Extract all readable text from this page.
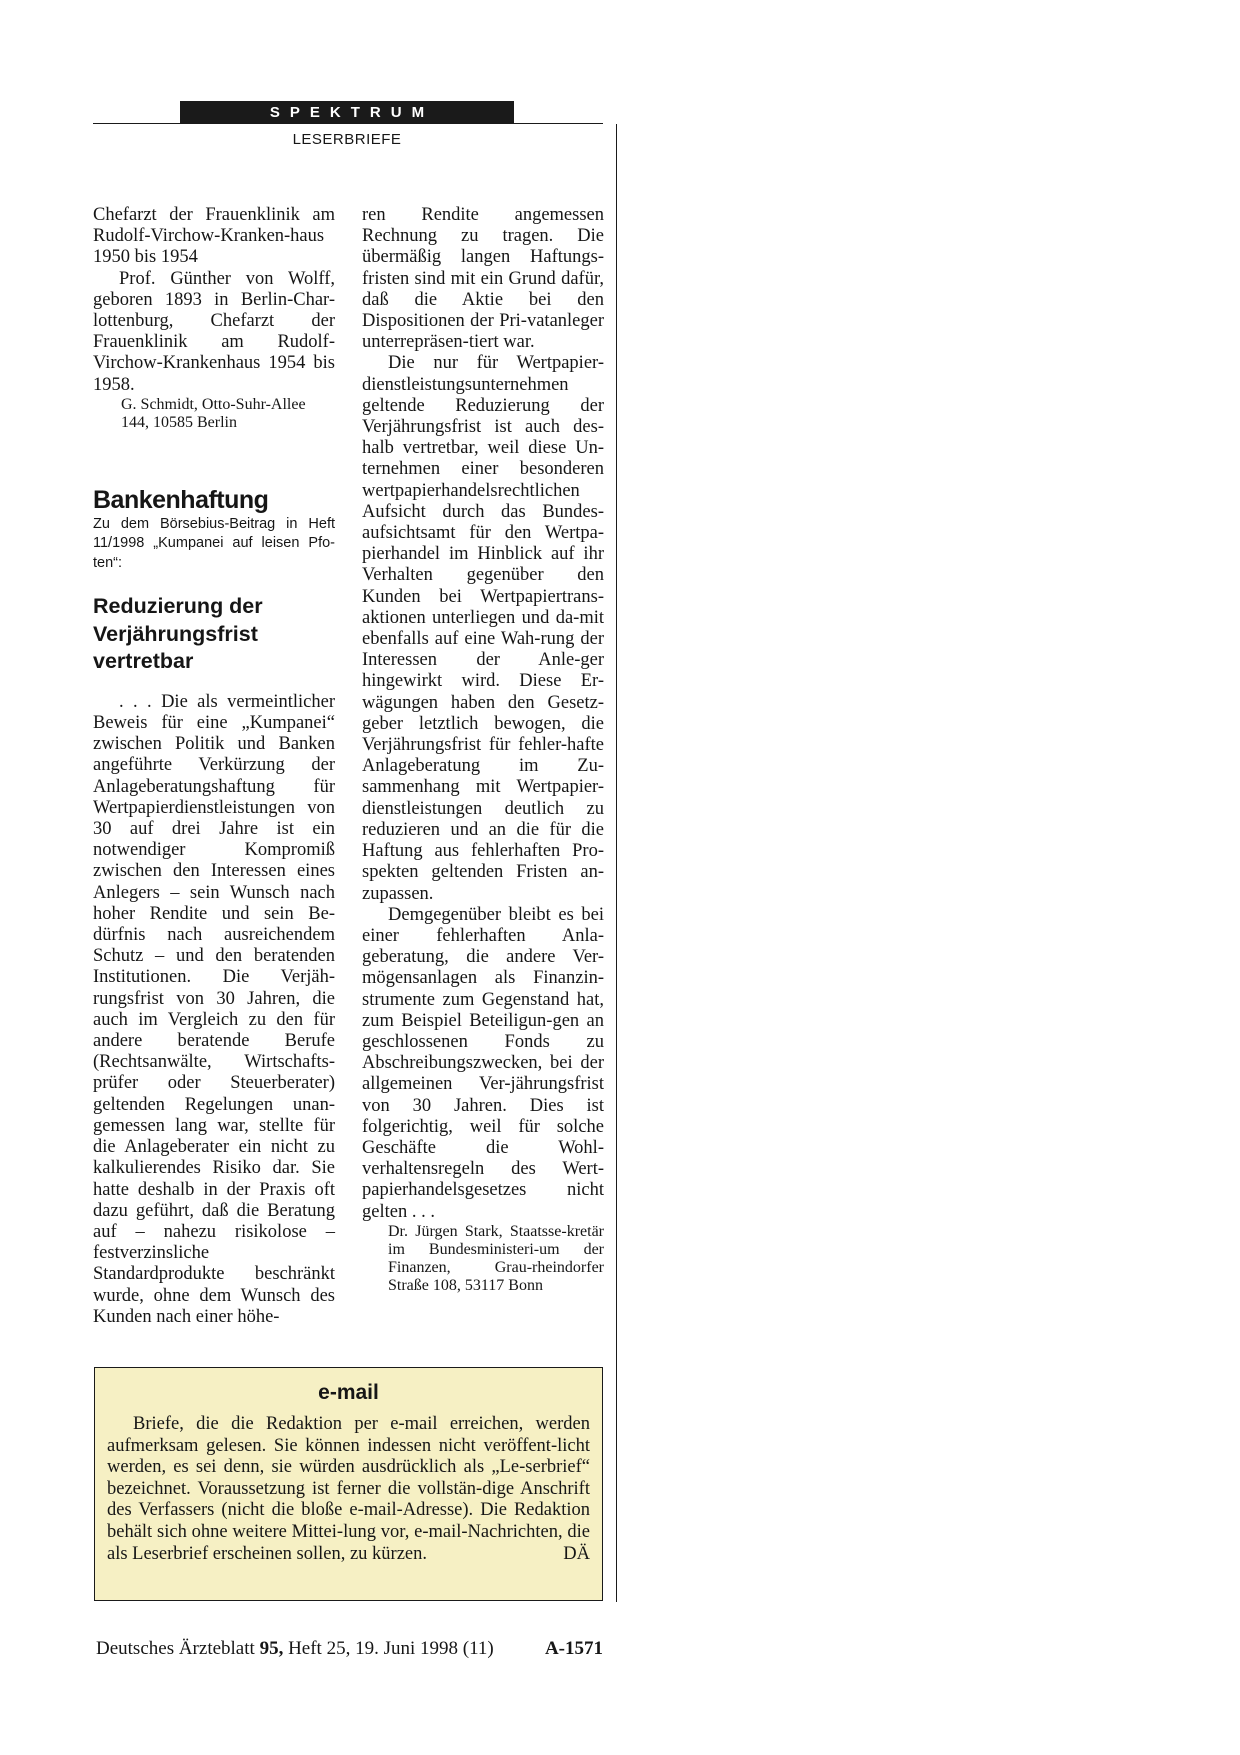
SPEKTRUM
LESERBRIEFE

Chefarzt der Frauenklinik am Rudolf-Virchow-Kranken-haus 1950 bis 1954

Prof. Günther von Wolff, geboren 1893 in Berlin-Char-lottenburg, Chefarzt der Frauenklinik am Rudolf-Virchow-Krankenhaus 1954 bis 1958.

G. Schmidt, Otto-Suhr-Allee 144, 10585 Berlin

Bankenhaftung

Zu dem Börsebius-Beitrag in Heft 11/1998 „Kumpanei auf leisen Pfo-ten“:

Reduzierung der Verjährungsfrist vertretbar

. . . Die als vermeintlicher Beweis für eine „Kumpanei“ zwischen Politik und Banken angeführte Verkürzung der Anlageberatungshaftung für Wertpapierdienstleistungen von 30 auf drei Jahre ist ein notwendiger Kompromiß zwischen den Interessen eines Anlegers – sein Wunsch nach hoher Rendite und sein Be-dürfnis nach ausreichendem Schutz – und den beratenden Institutionen. Die Verjäh-rungsfrist von 30 Jahren, die auch im Vergleich zu den für andere beratende Berufe (Rechtsanwälte, Wirtschafts-prüfer oder Steuerberater) geltenden Regelungen unan-gemessen lang war, stellte für die Anlageberater ein nicht zu kalkulierendes Risiko dar. Sie hatte deshalb in der Praxis oft dazu geführt, daß die Beratung auf – nahezu risikolose – festverzinsliche Standardprodukte beschränkt wurde, ohne dem Wunsch des Kunden nach einer höhe-

ren Rendite angemessen Rechnung zu tragen. Die übermäßig langen Haftungs-fristen sind mit ein Grund dafür, daß die Aktie bei den Dispositionen der Pri-vatanleger unterrepräsen-tiert war.

Die nur für Wertpapier-dienstleistungsunternehmen geltende Reduzierung der Verjährungsfrist ist auch des-halb vertretbar, weil diese Un-ternehmen einer besonderen wertpapierhandelsrechtlichen Aufsicht durch das Bundes-aufsichtsamt für den Wertpa-pierhandel im Hinblick auf ihr Verhalten gegenüber den Kunden bei Wertpapiertrans-aktionen unterliegen und da-mit ebenfalls auf eine Wah-rung der Interessen der Anle-ger hingewirkt wird. Diese Er-wägungen haben den Gesetz-geber letztlich bewogen, die Verjährungsfrist für fehler-hafte Anlageberatung im Zu-sammenhang mit Wertpapier-dienstleistungen deutlich zu reduzieren und an die für die Haftung aus fehlerhaften Pro-spekten geltenden Fristen an-zupassen.

Demgegenüber bleibt es bei einer fehlerhaften Anla-geberatung, die andere Ver-mögensanlagen als Finanzin-strumente zum Gegenstand hat, zum Beispiel Beteiligun-gen an geschlossenen Fonds zu Abschreibungszwecken, bei der allgemeinen Ver-jährungsfrist von 30 Jahren. Dies ist folgerichtig, weil für solche Geschäfte die Wohl-verhaltensregeln des Wert-papierhandelsgesetzes nicht gelten . . .

Dr. Jürgen Stark, Staatsse-kretär im Bundesministeri-um der Finanzen, Grau-rheindorfer Straße 108, 53117 Bonn

e-mail

Briefe, die die Redaktion per e-mail erreichen, werden aufmerksam gelesen. Sie können indessen nicht veröffent-licht werden, es sei denn, sie würden ausdrücklich als „Le-serbrief“ bezeichnet. Voraussetzung ist ferner die vollstän-dige Anschrift des Verfassers (nicht die bloße e-mail-Adresse). Die Redaktion behält sich ohne weitere Mittei-lung vor, e-mail-Nachrichten, die als Leserbrief erscheinen sollen, zu kürzen.	DÄ

Deutsches Ärzteblatt 95, Heft 25, 19. Juni 1998 (11)	A-1571
